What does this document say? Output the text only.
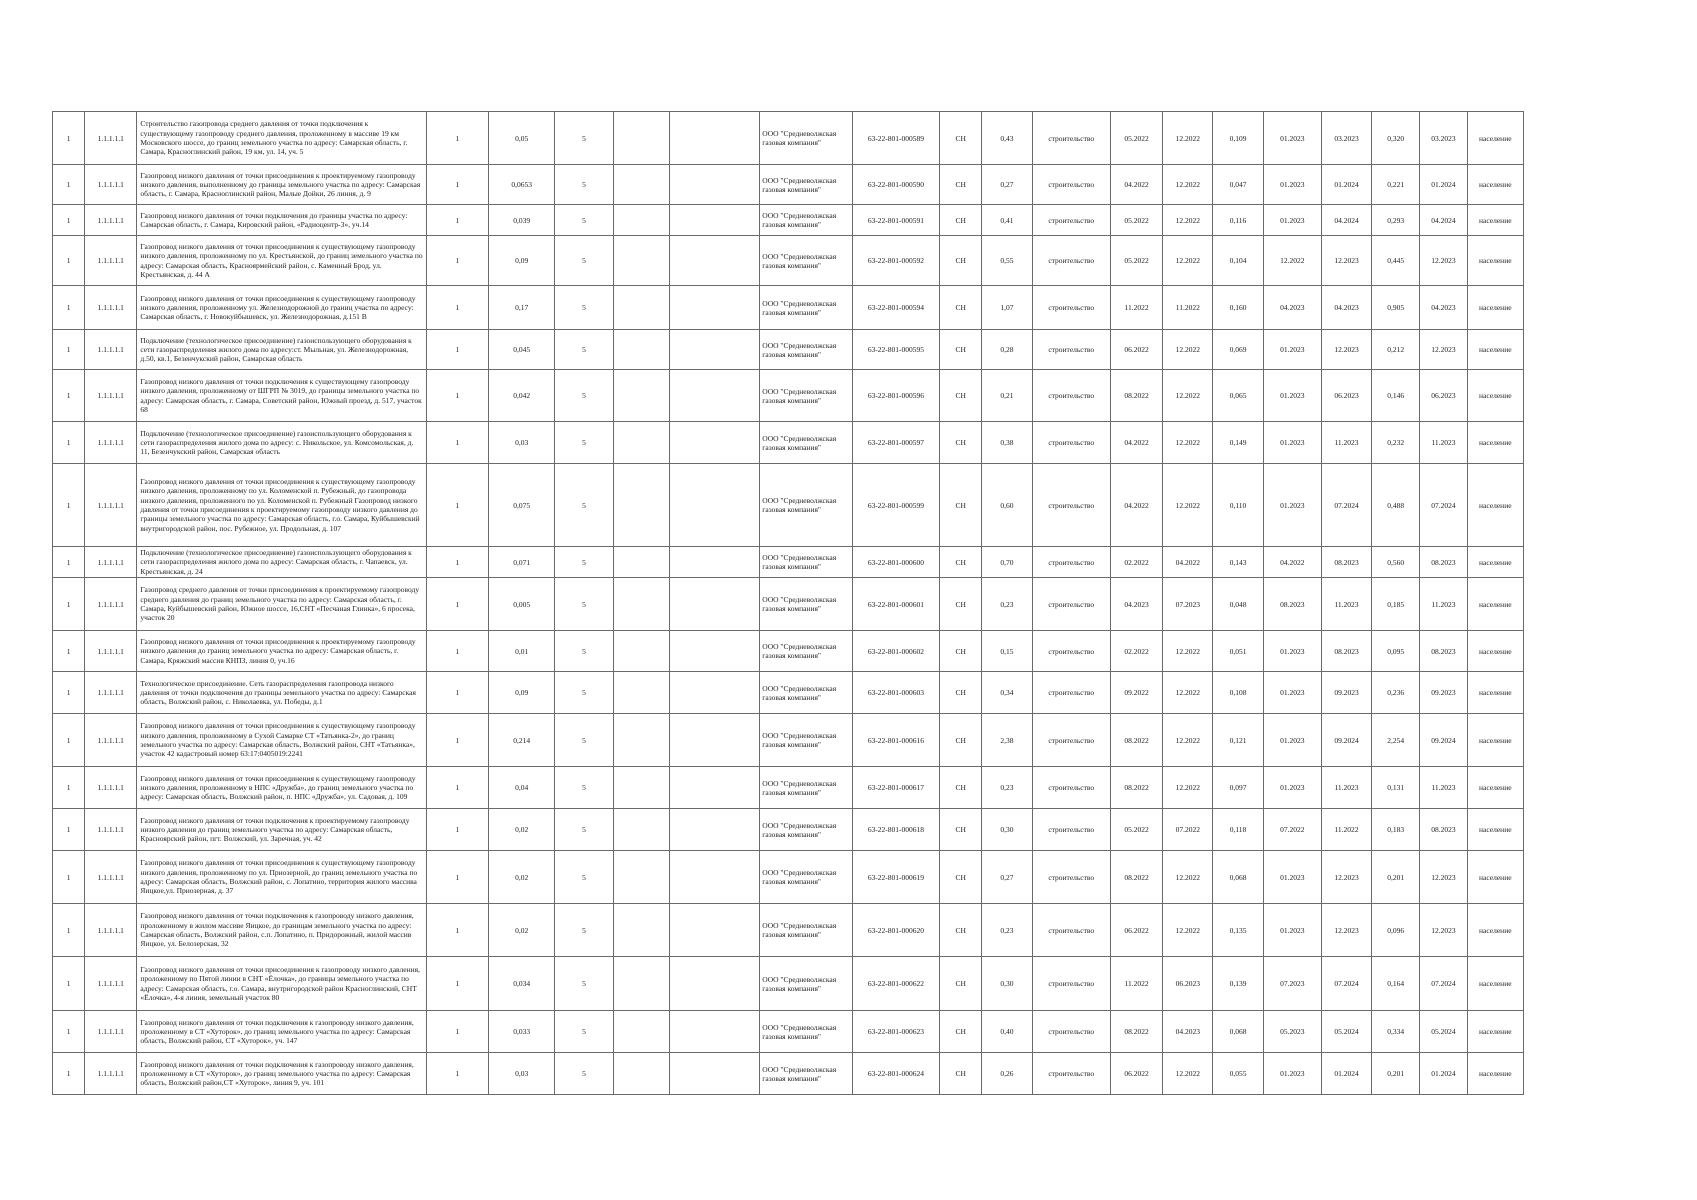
1	1.1.1.1.1	Строительство газопровода среднего давления от точки подключения к существующему газопроводу среднего давления, проложенному в массиве 19 км Московского шоссе, до границ земельного участка по адресу: Самарская область, г. Самара, Красноглинский район, 19 км, ул. 14, уч. 5	1	0,05	5			ООО "Средневолжская газовая компания"	63-22-801-000589	СН	0,43	строительство	05.2022	12.2022	0,109	01.2023	03.2023	0,320	03.2023	население
1	1.1.1.1.1	Газопровод низкого давления от точки присоединения к проектируемому газопроводу низкого давления, выполненному до границы земельного участка по адресу: Самарская область, г. Самара, Красноглинский район, Малые Дойки, 26 линия, д. 9	1	0,0653	5			ООО "Средневолжская газовая компания"	63-22-801-000590	СН	0,27	строительство	04.2022	12.2022	0,047	01.2023	01.2024	0,221	01.2024	население
1	1.1.1.1.1	Газопровод низкого давления от точки подключения до границы участка по адресу: Самарская область, г. Самара, Кировский район, «Радиоцентр-3», уч.14	1	0,039	5			ООО "Средневолжская газовая компания"	63-22-801-000591	СН	0,41	строительство	05.2022	12.2022	0,116	01.2023	04.2024	0,293	04.2024	население
1	1.1.1.1.1	Газопровод низкого давления от точки присоединения к существующему газопроводу низкого давления, проложенному по ул. Крестьянской, до границ земельного участка по адресу: Самарская область, Красноярмейский район, с. Каменный Брод, ул. Крестьянская, д. 44 А	1	0,09	5			ООО "Средневолжская газовая компания"	63-22-801-000592	СН	0,55	строительство	05.2022	12.2022	0,104	12.2022	12.2023	0,445	12.2023	население
1	1.1.1.1.1	Газопровод низкого давления от точки присоединения к существующему газопроводу низкого давления, проложенному ул. Железнодорожной до границ участка по адресу: Самарская область, г. Новокуйбышевск, ул. Железнодорожная, д.151 В	1	0,17	5			ООО "Средневолжская газовая компания"	63-22-801-000594	СН	1,07	строительство	11.2022	11.2022	0,160	04.2023	04.2023	0,905	04.2023	население
1	1.1.1.1.1	Подключение (технологическое присоединение) газоиспользующего оборудования к сети газораспределения жилого дома по адресу:ст. Мыльная, ул. Железнодорожная, д.50, кв.1, Безенчукский район, Самарская область	1	0,045	5			ООО "Средневолжская газовая компания"	63-22-801-000595	СН	0,28	строительство	06.2022	12.2022	0,069	01.2023	12.2023	0,212	12.2023	население
1	1.1.1.1.1	Газопровод низкого давления от точки подключения к существующему газопроводу низкого давления, проложенному от ШГРП № 3019, до границы земельного участка по адресу: Самарская область, г. Самара, Советский район, Южный проезд, д. 517, участок 68	1	0,042	5			ООО "Средневолжская газовая компания"	63-22-801-000596	СН	0,21	строительство	08.2022	12.2022	0,065	01.2023	06.2023	0,146	06.2023	население
1	1.1.1.1.1	Подключение (технологическое присоединение) газоиспользующего оборудования к сети газораспределения жилого дома по адресу: с. Никольское, ул. Комсомольская, д. 11, Безенчукский район, Самарская область	1	0,03	5			ООО "Средневолжская газовая компания"	63-22-801-000597	СН	0,38	строительство	04.2022	12.2022	0,149	01.2023	11.2023	0,232	11.2023	население
1	1.1.1.1.1	Газопровод низкого давления от точки присоединения к существующему газопроводу низкого давления, проложенному по ул. Коломенской п. Рубежный, до газопровода низкого давления, проложенного по ул. Коломенской п. Рубежный Газопровод низкого давления от точки присоединения к проектируемому газопроводу низкого давления до границы земельного участка по адресу: Самарская область, г.о. Самара, Куйбышевский внутригородской район, пос. Рубежное, ул. Продольная, д. 107	1	0,075	5			ООО "Средневолжская газовая компания"	63-22-801-000599	СН	0,60	строительство	04.2022	12.2022	0,110	01.2023	07.2024	0,488	07.2024	население
1	1.1.1.1.1	Подключение (технологическое присоединение) газоиспользующего оборудования к сети газораспределения жилого дома по адресу: Самарская область, г. Чапаевск, ул. Крестьянская, д. 24	1	0,071	5			ООО "Средневолжская газовая компания"	63-22-801-000600	СН	0,70	строительство	02.2022	04.2022	0,143	04.2022	08.2023	0,560	08.2023	население
1	1.1.1.1.1	Газопровод среднего давления от точки присоединения к проектируемому газопроводу среднего давления до границ земельного участка по адресу: Самарская область, г. Самара, Куйбышевский район, Южное шоссе, 16,СНТ «Песчаная Глинка», 6 просека, участок 20	1	0,005	5			ООО "Средневолжская газовая компания"	63-22-801-000601	СН	0,23	строительство	04.2023	07.2023	0,048	08.2023	11.2023	0,185	11.2023	население
1	1.1.1.1.1	Газопровод низкого давления от точки присоединения к проектируемому газопроводу низкого давления до границ земельного участка по адресу: Самарская область, г. Самара, Кряжский массив КНПЗ, линия 0, уч.16	1	0,01	5			ООО "Средневолжская газовая компания"	63-22-801-000602	СН	0,15	строительство	02.2022	12.2022	0,051	01.2023	08.2023	0,095	08.2023	население
1	1.1.1.1.1	Технологическое присоединение. Сеть газораспределения газопровода низкого давления от точки подключения до границы земельного участка по адресу: Самарская область, Волжский район, с. Николаевка, ул. Победы, д.1	1	0,09	5			ООО "Средневолжская газовая компания"	63-22-801-000603	СН	0,34	строительство	09.2022	12.2022	0,108	01.2023	09.2023	0,236	09.2023	население
1	1.1.1.1.1	Газопровод низкого давления от точки присоединения к существующему газопроводу низкого давления, проложенному в Сухой Самарке СТ «Татьянка-2», до границ земельного участка по адресу: Самарская область, Волжский район, СНТ «Татьянка», участок 42 кадастровый номер 63:17:0405019:2241	1	0,214	5			ООО "Средневолжская газовая компания"	63-22-801-000616	СН	2,38	строительство	08.2022	12.2022	0,121	01.2023	09.2024	2,254	09.2024	население
1	1.1.1.1.1	Газопровод низкого давления от точки присоединения к существующему газопроводу низкого давления, проложенному в НПС «Дружба», до границ земельного участка по адресу: Самарская область, Волжский район, п. НПС «Дружба», ул. Садовая, д. 109	1	0,04	5			ООО "Средневолжская газовая компания"	63-22-801-000617	СН	0,23	строительство	08.2022	12.2022	0,097	01.2023	11.2023	0,131	11.2023	население
1	1.1.1.1.1	Газопровод низкого давления от точки подключения к проектируемому газопроводу низкого давления до границ земельного участка по адресу: Самарская область, Красноярский район, пгт. Волжский, ул. Заречная, уч. 42	1	0,02	5			ООО "Средневолжская газовая компания"	63-22-801-000618	СН	0,30	строительство	05.2022	07.2022	0,118	07.2022	11.2022	0,183	08.2023	население
1	1.1.1.1.1	Газопровод низкого давления от точки присоединения к существующему газопроводу низкого давления, проложенному по ул. Приозерной, до границ земельного участка по адресу: Самарская область, Волжский район, с. Лопатино, территория жилого массива Яицкое,ул. Приозерная, д. 37	1	0,02	5			ООО "Средневолжская газовая компания"	63-22-801-000619	СН	0,27	строительство	08.2022	12.2022	0,068	01.2023	12.2023	0,201	12.2023	население
1	1.1.1.1.1	Газопровод низкого давления от точки подключения к газопроводу низкого давления, проложенному в жилом массиве Яицкое, до границам земельного участка по адресу: Самарская область, Волжский район, с.п. Лопатино, п. Придорожный, жилой массив Яицкое, ул. Белозерская, 32	1	0,02	5			ООО "Средневолжская газовая компания"	63-22-801-000620	СН	0,23	строительство	06.2022	12.2022	0,135	01.2023	12.2023	0,096	12.2023	население
1	1.1.1.1.1	Газопровод низкого давления от точки присоединения к газопроводу низкого давления, проложенному по Пятой линии в СНТ «Ёлочка», до границы земельного участка по адресу: Самарская область, г.о. Самара, внутригородской район Красноглинский, СНТ «Ёлочка», 4-я линия, земельный участок 80	1	0,034	5			ООО "Средневолжская газовая компания"	63-22-801-000622	СН	0,30	строительство	11.2022	06.2023	0,139	07.2023	07.2024	0,164	07.2024	население
1	1.1.1.1.1	Газопровод низкого давления от точки подключения к газопроводу низкого давления, проложенному в СТ «Хуторок», до границ земельного участка по адресу: Самарская область, Волжский район, СТ «Хуторок», уч. 147	1	0,033	5			ООО "Средневолжская газовая компания"	63-22-801-000623	СН	0,40	строительство	08.2022	04.2023	0,068	05.2023	05.2024	0,334	05.2024	население
1	1.1.1.1.1	Газопровод низкого давления от точки подключения к газопроводу низкого давления, проложенному в СТ «Хуторок», до границ земельного участка по адресу: Самарская область, Волжский район,СТ «Хуторок», линия 9, уч. 101	1	0,03	5			ООО "Средневолжская газовая компания"	63-22-801-000624	СН	0,26	строительство	06.2022	12.2022	0,055	01.2023	01.2024	0,201	01.2024	население
